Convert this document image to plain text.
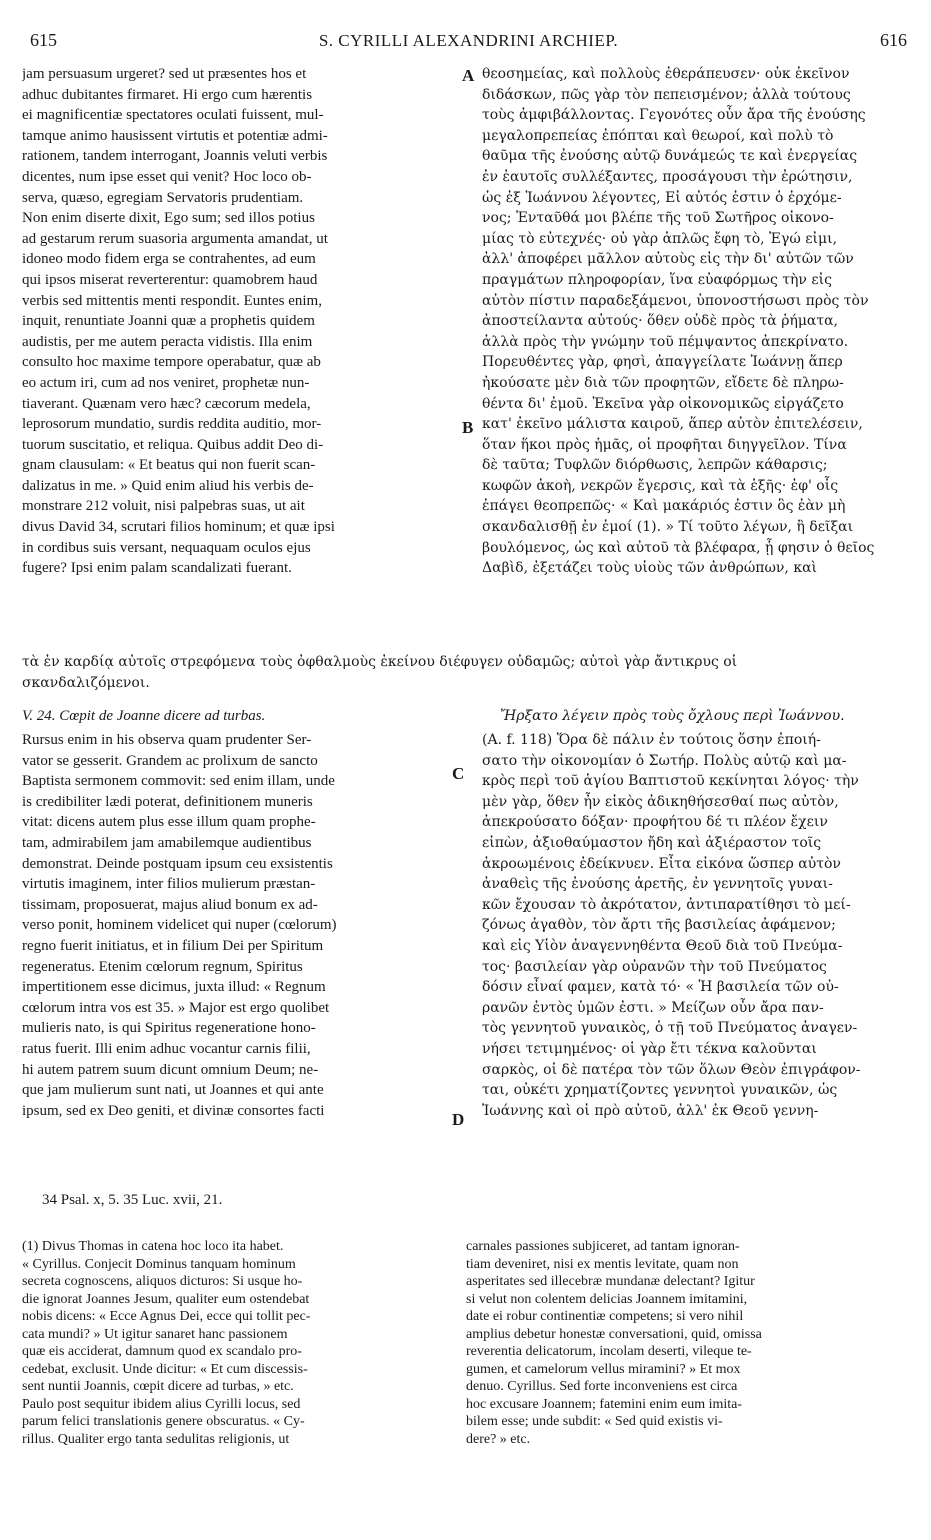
615	S. CYRILLI ALEXANDRINI ARCHIEP.	616
jam persuasum urgeret? sed ut præsentes hos et
adhuc dubitantes firmaret. Hi ergo cum hærentis
ei magnificentiæ spectatores oculati fuissent, mul-
tamque animo hausissent virtutis et potentiæ admi-
rationem, tandem interrogant, Joannis veluti verbis
dicentes, num ipse esset qui venit? Hoc loco ob-
serva, quæso, egregiam Servatoris prudentiam.
Non enim diserte dixit, Ego sum; sed illos potius
ad gestarum rerum suasoria argumenta amandat, ut
idoneo modo fidem erga se contrahentes, ad eum
qui ipsos miserat reverterentur: quamobrem haud
verbis sed mittentis menti respondit. Euntes enim,
inquit, renuntiate Joanni quæ a prophetis quidem
audistis, per me autem peracta vidistis. Illa enim
consulto hoc maxime tempore operabatur, quæ ab
eo actum iri, cum ad nos veniret, prophetæ nun-
tiaverant. Quænam vero hæc? cæcorum medela,
leprosorum mundatio, surdis reddita auditio, mor-
tuorum suscitatio, et reliqua. Quibus addit Deo di-
gnam clausulam: « Et beatus qui non fuerit scan-
dalizatus in me. » Quid enim aliud his verbis de-
monstrare 212 voluit, nisi palpebras suas, ut ait
divus David 34, scrutari filios hominum; et quæ ipsi
in cordibus suis versant, nequaquam oculos ejus
fugere? Ipsi enim palam scandalizati fuerant.
θεοσημείας, καὶ πολλοὺς ἐθεράπευσεν· οὐκ ἐκεῖνον
διδάσκων, πῶς γὰρ τὸν πεπεισμένον; ἀλλὰ τούτους
τοὺς ἀμφιβάλλοντας. Γεγονότες οὖν ἄρα τῆς ἐνούσης
μεγαλοπρεπείας ἐπόπται καὶ θεωροί, καὶ πολὺ τὸ
θαῦμα τῆς ἐνούσης αὐτῷ δυνάμεώς τε καὶ ἐνεργείας
ἐν ἑαυτοῖς συλλέξαντες, προσάγουσι τὴν ἐρώτησιν,
ὡς ἐξ Ἰωάννου λέγοντες, Εἰ αὐτός ἐστιν ὁ ἐρχόμε-
νος; Ἐνταῦθά μοι βλέπε τῆς τοῦ Σωτῆρος οἰκονο-
μίας τὸ εὐτεχνές· οὐ γὰρ ἁπλῶς ἔφη τὸ, Ἐγώ εἰμι,
ἀλλ' ἀποφέρει μᾶλλον αὐτοὺς εἰς τὴν δι' αὐτῶν τῶν
πραγμάτων πληροφορίαν, ἵνα εὐαφόρμως τὴν εἰς
αὐτὸν πίστιν παραδεξάμενοι, ὑπονοστήσωσι πρὸς τὸν
ἀποστείλαντα αὐτούς· ὅθεν οὐδὲ πρὸς τὰ ῥήματα,
ἀλλὰ πρὸς τὴν γνώμην τοῦ πέμψαντος ἀπεκρίνατο.
Πορευθέντες γὰρ, φησὶ, ἀπαγγείλατε Ἰωάννῃ ἅπερ
ἠκούσατε μὲν διὰ τῶν προφητῶν, εἴδετε δὲ πληρω-
θέντα δι' ἐμοῦ. Ἐκεῖνα γὰρ οἰκονομικῶς εἰργάζετο
κατ' ἐκεῖνο μάλιστα καιροῦ, ἅπερ αὐτὸν ἐπιτελέσειν,
ὅταν ἥκοι πρὸς ἡμᾶς, οἱ προφῆται διηγγεῖλον. Τίνα
δὲ ταῦτα; Τυφλῶν διόρθωσις, λεπρῶν κάθαρσις;
κωφῶν ἀκοὴ, νεκρῶν ἔγερσις, καὶ τὰ ἑξῆς· ἐφ' οἷς
ἐπάγει θεοπρεπῶς· « Καὶ μακάριός ἐστιν ὃς ἐὰν μὴ
σκανδαλισθῇ ἐν ἐμοί (1). » Τί τοῦτο λέγων, ἢ δεῖξαι
βουλόμενος, ὡς καὶ αὐτοῦ τὰ βλέφαρα, ᾗ φησιν ὁ θεῖος
Δαβὶδ, ἐξετάζει τοὺς υἱοὺς τῶν ἀνθρώπων, καὶ
A
B
C
D
τὰ ἐν καρδίᾳ αὐτοῖς στρεφόμενα τοὺς ὀφθαλμοὺς ἐκείνου διέφυγεν οὐδαμῶς; αὐτοὶ γὰρ ἄντικρυς οἱ
σκανδαλιζόμενοι.
V. 24. Cœpit de Joanne dicere ad turbas.	Ἤρξατο λέγειν πρὸς τοὺς ὄχλους περὶ Ἰωάννου.
Rursus enim in his observa quam prudenter Ser-
vator se gesserit. Grandem ac prolixum de sancto
Baptista sermonem commovit: sed enim illam, unde
is credibiliter lædi poterat, definitionem muneris
vitat: dicens autem plus esse illum quam prophe-
tam, admirabilem jam amabilemque audientibus
demonstrat. Deinde postquam ipsum ceu exsistentis
virtutis imaginem, inter filios mulierum præstan-
tissimam, proposuerat, majus aliud bonum ex ad-
verso ponit, hominem videlicet qui nuper (cœlorum)
regno fuerit initiatus, et in filium Dei per Spiritum
regeneratus. Etenim cœlorum regnum, Spiritus
impertitionem esse dicimus, juxta illud: « Regnum
cœlorum intra vos est 35. » Major est ergo quolibet
mulieris nato, is qui Spiritus regeneratione hono-
ratus fuerit. Illi enim adhuc vocantur carnis filii,
hi autem patrem suum dicunt omnium Deum; ne-
que jam mulierum sunt nati, ut Joannes et qui ante
ipsum, sed ex Deo geniti, et divinæ consortes facti
(A. f. 118) Ὅρα δὲ πάλιν ἐν τούτοις ὅσην ἐποιή-
σατο τὴν οἰκονομίαν ὁ Σωτήρ. Πολὺς αὐτῷ καὶ μα-
κρὸς περὶ τοῦ ἁγίου Βαπτιστοῦ κεκίνηται λόγος· τὴν
μὲν γὰρ, ὅθεν ἦν εἰκὸς ἀδικηθήσεσθαί πως αὐτὸν,
ἀπεκρούσατο δόξαν· προφήτου δέ τι πλέον ἔχειν
εἰπὼν, ἀξιοθαύμαστον ἤδη καὶ ἀξιέραστον τοῖς
ἀκροωμένοις ἐδείκνυεν. Εἶτα εἰκόνα ὥσπερ αὐτὸν
ἀναθεὶς τῆς ἐνούσης ἀρετῆς, ἐν γεννητοῖς γυναι-
κῶν ἔχουσαν τὸ ἀκρότατον, ἀντιπαρατίθησι τὸ μεί-
ζόνως ἀγαθὸν, τὸν ἄρτι τῆς βασιλείας ἀφάμενον;
καὶ εἰς Υἱὸν ἀναγεννηθέντα Θεοῦ διὰ τοῦ Πνεύμα-
τος· βασιλείαν γὰρ οὐρανῶν τὴν τοῦ Πνεύματος
δόσιν εἶναί φαμεν, κατὰ τό· « Ἡ βασιλεία τῶν οὐ-
ρανῶν ἐντὸς ὑμῶν ἐστι. » Μείζων οὖν ἄρα παν-
τὸς γεννητοῦ γυναικὸς, ὁ τῇ τοῦ Πνεύματος ἀναγεν-
νήσει τετιμημένος· οἱ γὰρ ἔτι τέκνα καλοῦνται
σαρκὸς, οἱ δὲ πατέρα τὸν τῶν ὅλων Θεὸν ἐπιγράφον-
ται, οὐκέτι χρηματίζοντες γεννητοὶ γυναικῶν, ὡς
Ἰωάννης καὶ οἱ πρὸ αὐτοῦ, ἀλλ' ἐκ Θεοῦ γεννη-
34 Psal. x, 5. 35 Luc. xvii, 21.
(1) Divus Thomas in catena hoc loco ita habet.
« Cyrillus. Conjecit Dominus tanquam hominum
secreta cognoscens, aliquos dicturos: Si usque ho-
die ignorat Joannes Jesum, qualiter eum ostendebat
nobis dicens: « Ecce Agnus Dei, ecce qui tollit pec-
cata mundi? » Ut igitur sanaret hanc passionem
quæ eis acciderat, damnum quod ex scandalo pro-
cedebat, exclusit. Unde dicitur: « Et cum discessis-
sent nuntii Joannis, cœpit dicere ad turbas, » etc.
Paulo post sequitur ibidem alius Cyrilli locus, sed
parum felici translationis genere obscuratus. « Cy-
rillus. Qualiter ergo tanta sedulitas religionis, ut
carnales passiones subjiceret, ad tantam ignoran-
tiam deveniret, nisi ex mentis levitate, quam non
asperitates sed illecebræ mundanæ delectant? Igitur
si velut non colentem delicias Joannem imitamini,
date ei robur continentiæ competens; si vero nihil
amplius debetur honestæ conversationi, quid, omissa
reverentia delicatorum, incolam deserti, vileque te-
gumen, et camelorum vellus miramini? » Et mox
denuo. Cyrillus. Sed forte inconveniens est circa
hoc excusare Joannem; fatemini enim eum imita-
bilem esse; unde subdit: « Sed quid existis vi-
dere? » etc.
